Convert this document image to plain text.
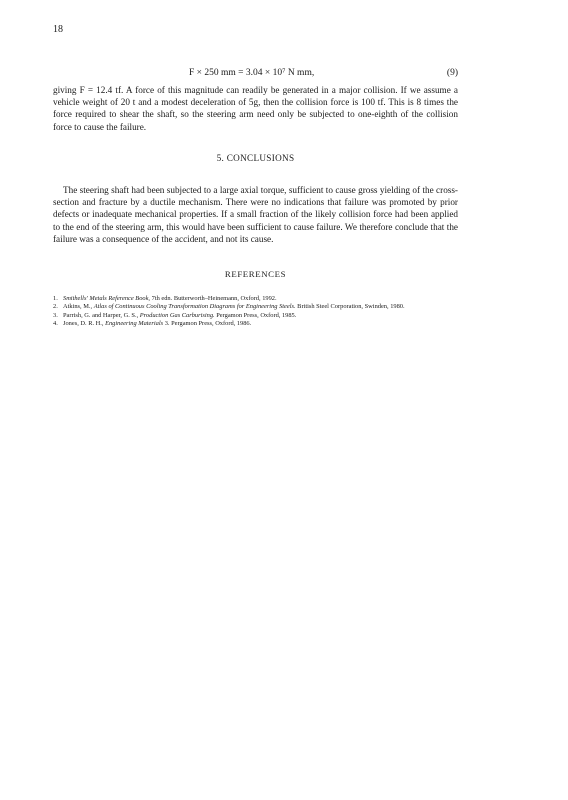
18
F × 250 mm = 3.04 × 10⁷ N mm,	(9)

giving F = 12.4 tf. A force of this magnitude can readily be generated in a major collision. If we assume a vehicle weight of 20 t and a modest deceleration of 5g, then the collision force is 100 tf. This is 8 times the force required to shear the shaft, so the steering arm need only be subjected to one-eighth of the collision force to cause the failure.

5. CONCLUSIONS

The steering shaft had been subjected to a large axial torque, sufficient to cause gross yielding of the cross-section and fracture by a ductile mechanism. There were no indications that failure was promoted by prior defects or inadequate mechanical properties. If a small fraction of the likely collision force had been applied to the end of the steering arm, this would have been sufficient to cause failure. We therefore conclude that the failure was a consequence of the accident, and not its cause.

REFERENCES
1. Smithells' Metals Reference Book, 7th edn. Butterworth–Heinemann, Oxford, 1992.
2. Atkins, M., Atlas of Continuous Cooling Transformation Diagrams for Engineering Steels. British Steel Corporation, Swinden, 1980.
3. Parrish, G. and Harper, G. S., Production Gas Carburising. Pergamon Press, Oxford, 1985.
4. Jones, D. R. H., Engineering Materials 3. Pergamon Press, Oxford, 1986.
